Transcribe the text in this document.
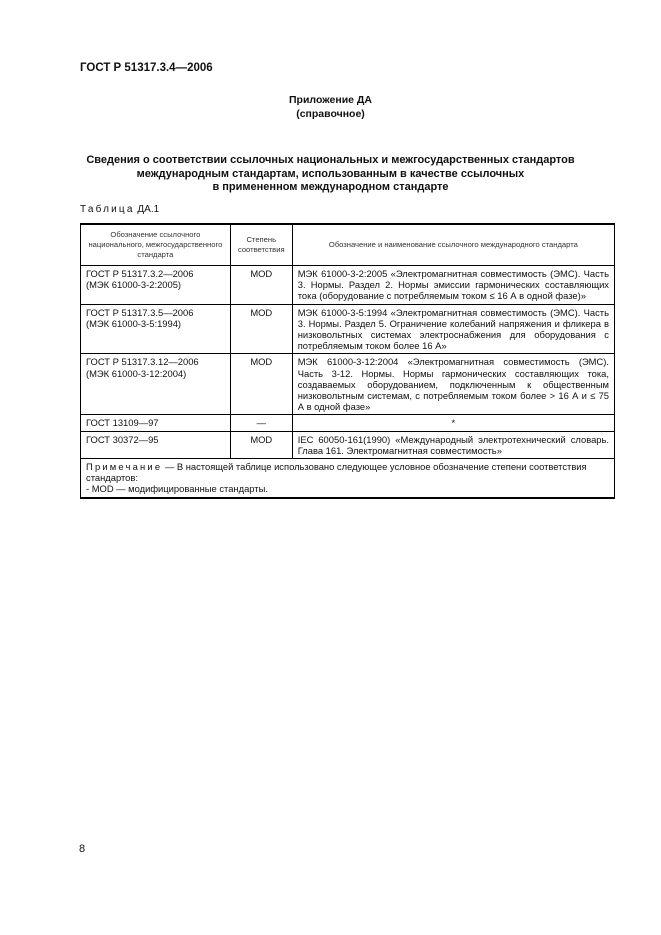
ГОСТ Р 51317.3.4—2006
Приложение ДА
(справочное)
Сведения о соответствии ссылочных национальных и межгосударственных стандартов
международным стандартам, использованным в качестве ссылочных
в примененном международном стандарте
Таблица ДА.1
Обозначение ссылочного национального, межгосударственного стандарта	Степень соответствия	Обозначение и наименование ссылочного международного стандарта

ГОСТ Р 51317.3.2—2006
(МЭК 61000-3-2:2005)	MOD	МЭК 61000-3-2:2005 «Электромагнитная совместимость (ЭМС). Часть 3. Нормы. Раздел 2. Нормы эмиссии гармонических составляющих тока (оборудование с потребляемым током ≤ 16 А в одной фазе)»

ГОСТ Р 51317.3.5—2006
(МЭК 61000-3-5:1994)	MOD	МЭК 61000-3-5:1994 «Электромагнитная совместимость (ЭМС). Часть 3. Нормы. Раздел 5. Ограничение колебаний напряжения и фликера в низковольтных системах электроснабжения для оборудования с потребляемым током более 16 А»

ГОСТ Р 51317.3.12—2006
(МЭК 61000-3-12:2004)	MOD	МЭК 61000-3-12:2004 «Электромагнитная совместимость (ЭМС). Часть 3-12. Нормы. Нормы гармонических составляющих тока, создаваемых оборудованием, подключенным к общественным низковольтным системам, с потребляемым током более > 16 А и ≤ 75 А в одной фазе»

ГОСТ 13109—97	—	*

ГОСТ 30372—95	MOD	IEC 60050-161(1990) «Международный электротехнический словарь. Глава 161. Электромагнитная совместимость»

Примечание — В настоящей таблице использовано следующее условное обозначение степени соответствия стандартов:
- MOD — модифицированные стандарты.		
8
